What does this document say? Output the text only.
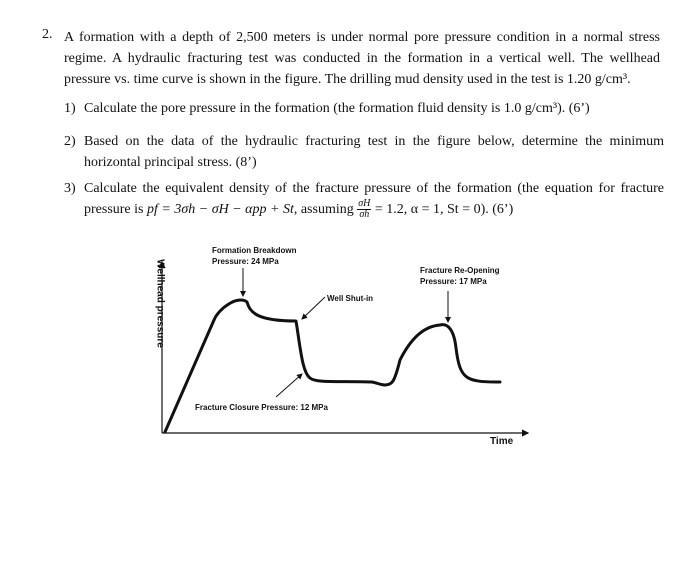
2. A formation with a depth of 2,500 meters is under normal pore pressure condition in a normal stress regime. A hydraulic fracturing test was conducted in the formation in a vertical well. The wellhead pressure vs. time curve is shown in the figure. The drilling mud density used in the test is 1.20 g/cm³.
1) Calculate the pore pressure in the formation (the formation fluid density is 1.0 g/cm³). (6’)
2) Based on the data of the hydraulic fracturing test in the figure below, determine the minimum horizontal principal stress. (8’)
3) Calculate the equivalent density of the fracture pressure of the formation (the equation for fracture pressure is pf = 3σh − σH − αpp + St, assuming $\frac{\sigma H}{\sigma h} = 1.2$, α = 1, St = 0). (6’)
Formation Breakdown
Pressure: 24 MPa
Well Shut-in
Fracture Re-Opening
Pressure: 17 MPa
Fracture Closure Pressure: 12 MPa
Wellhead pressure
Time
